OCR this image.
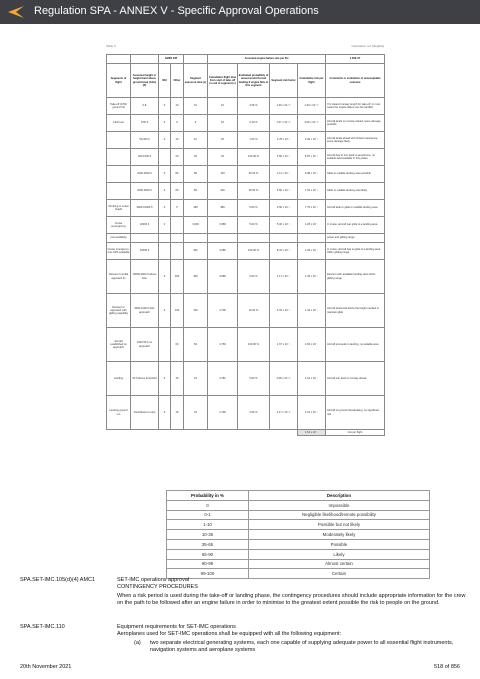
Regulation SPA - ANNEX V - Specific Approval Operations
Table X	Calculation ref: [illegible]
		AMES EPI			Assumed engine failure rate per FH				1.00E-07
Segments of flight	Assumed height or height band above ground level (AGL) (ft)	OEI	Other	Segment exposure time (s)	Cumulative flight time from start of take-off to end of segment (s)	Estimated probability of unsuccessful forced landing if engine fails in this segment	Segment risk factor	Cumulative risk per flight	Comments or estimation of unacceptable outcome
Take-off (0-50) ground roll	0-8	0	10	10	10	0.05 %	1.39 x 10⁻¹⁰	1.39 x 10⁻¹⁰	If in cleared runway length for take-off, in most cases the engine failure can be handled
Climb out	0-50 ft	0	6	6	16	0.10 %	1.67 x 10⁻¹⁰	3.06 x 10⁻¹⁰	Aircraft lands on runway ahead, some damage possible
	50-300 ft	0	10	10	26	1.00 %	2.78 x 10⁻⁹	3.09 x 10⁻⁹	Aircraft lands ahead with limited manoeuvre, some damage likely
	300-1000 ft		20	20	46	100.00 %	5.56 x 10⁻⁸	5.87 x 10⁻⁸	Aircraft has to turn back to aerodrome, no suitable field available in this phase
	1000-2000 ft	0	80	80	126	50.00 %	1.11 x 10⁻⁸	6.98 x 10⁻⁸	Glide to suitable landing area possible
	2000-3000 ft	0	80	80	206	25.00 %	5.56 x 10⁻⁹	7.54 x 10⁻⁸	Glide to suitable landing area likely
Climbing to cruise height	3000-10000 ft	0	5	180	386	5.00 %	2.50 x 10⁻⁹	7.79 x 10⁻⁸	Aircraft able to glide to suitable landing area
Cruise (emergency)	10000 ft	0		3,600	3,986	5.00 %	5.00 x 10⁻⁸	1.28 x 10⁻⁷	In cruise, aircraft can glide to a landing area
(not available)									power and gliding range
Cruise emergency: one-GPS available	10000 ft			300	4,286	100.00 %	8.33 x 10⁻⁹	1.36 x 10⁻⁷	In cruise, aircraft has to glide to a landing area within gliding range
Descent to initial approach fix	10000-3000 ft above AGL	0	300	300	4,586	5.00 %	4.17 x 10⁻⁹	1.40 x 10⁻⁷	Descent with available landing sites within gliding range
Descent to approach with gliding capability	3000-1000 ft AGL approach	0	120	120	4,706	10.00 %	3.33 x 10⁻⁹	1.44 x 10⁻⁷	Aircraft descends below the height needed to maintain glide
Aircraft established on approach	1000-50 ft on approach		60	60	4,766	100.00 %	1.67 x 10⁻⁸	1.60 x 10⁻⁷	Aircraft proceeds to landing, no suitable area
Landing	50 ft above threshold	0	15	15	4,781	5.00 %	2.08 x 10⁻¹⁰	1.61 x 10⁻⁷	Aircraft can land on runway ahead
Landing ground run	Touchdown to stop	0	15	15	4,796	0.05 %	4.17 x 10⁻¹¹	1.61 x 10⁻⁷	Aircraft on ground decelerating, no significant risk
								1.61 x 10⁻⁷	risk per flight
Probability in %	Description
0	Impossible
0-1	Negligible likelihood/remote possibility
1-10	Possible but not likely
10-35	Moderately likely
35-65	Possible
65-90	Likely
90-99	Almost certain
99-100	Certain
SPA.SET-IMC.105(d)(4) AMC1	SET-IMC operations approval
CONTINGENCY PROCEDURES
When a risk period is used during the take-off or landing phase, the contingency procedures should include appropriate information for the crew on the path to be followed after an engine failure in order to minimise to the greatest extent possible the risk to people on the ground.
SPA.SET-IMC.110	Equipment requirements for SET-IMC operations
Aeroplanes used for SET-IMC operations shall be equipped with all the following equipment:
(a) two separate electrical generating systems, each one capable of supplying adequate power to all essential flight instruments, navigation systems and aeroplane systems
20th November 2021	518 of 856
